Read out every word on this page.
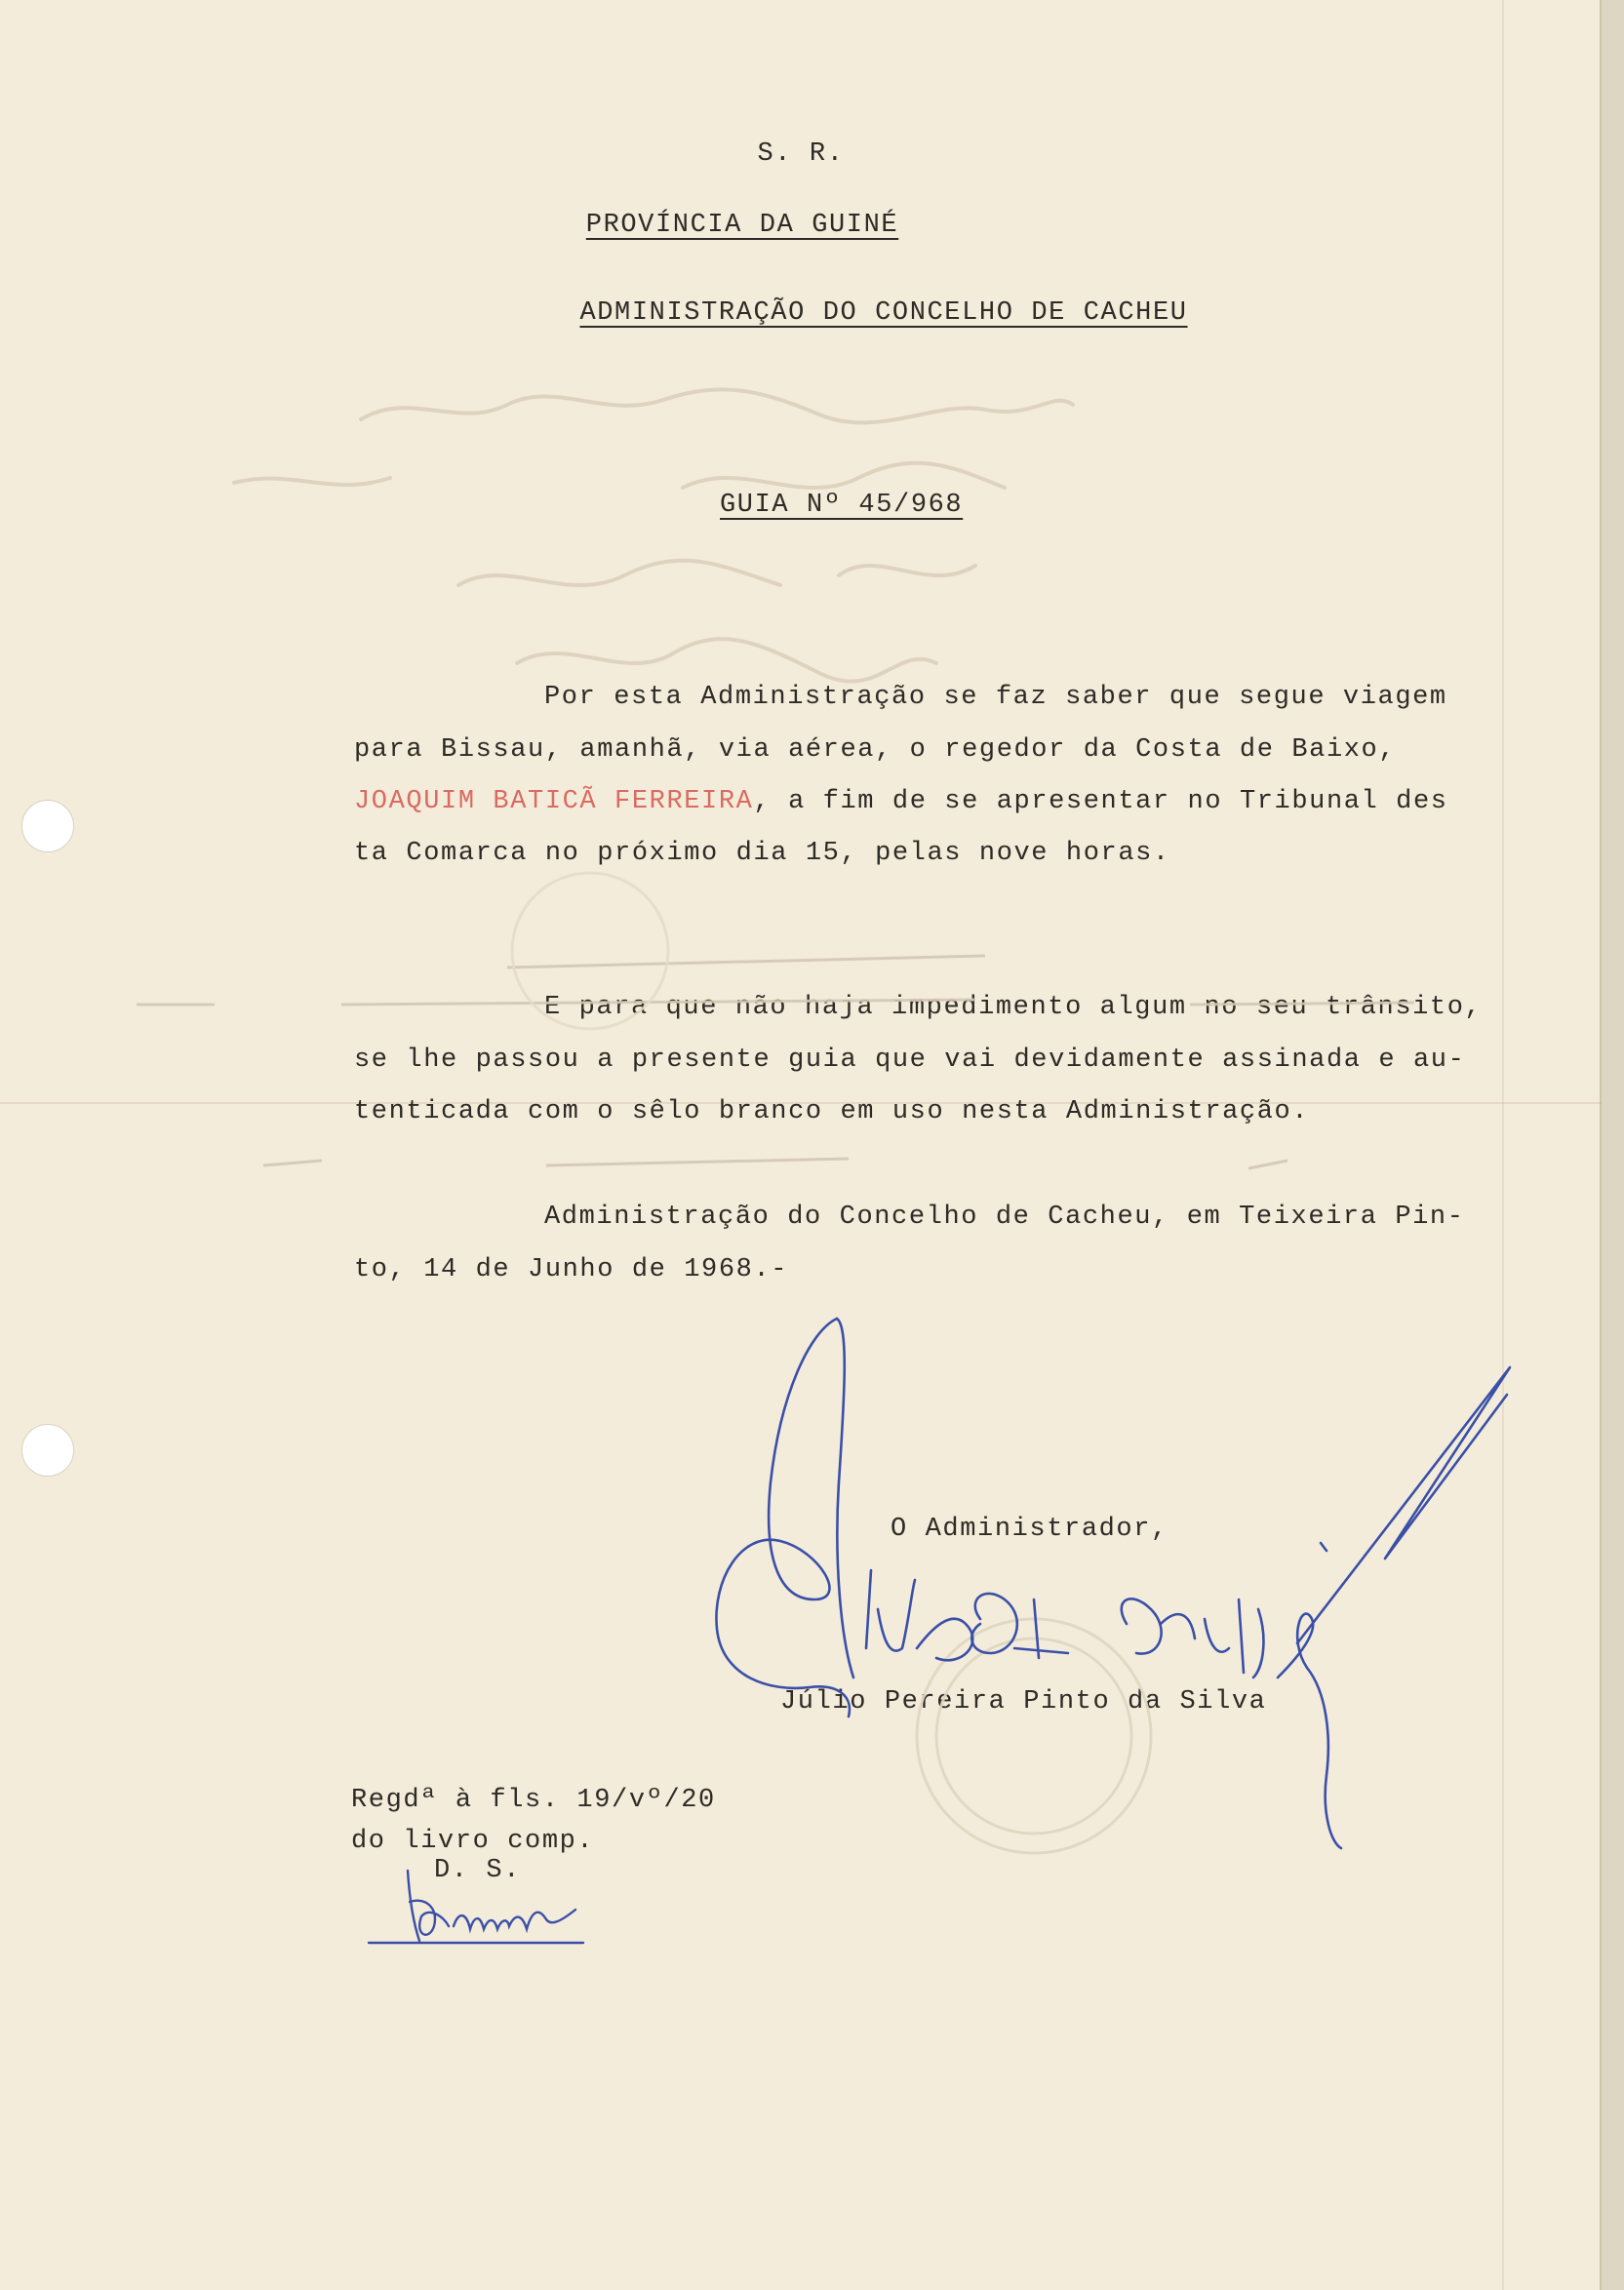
S. R.
PROVÍNCIA DA GUINÉ
ADMINISTRAÇÃO DO CONCELHO DE CACHEU
GUIA Nº 45/968
Por esta Administração se faz saber que segue viagem
para Bissau, amanhã, via aérea, o regedor da Costa de Baixo,
JOAQUIM BATICÃ FERREIRA, a fim de se apresentar no Tribunal des
ta Comarca no próximo dia 15, pelas nove horas.
E para que não haja impedimento algum no seu trânsito,
se lhe passou a presente guia que vai devidamente assinada e au-
tenticada com o sêlo branco em uso nesta Administração.
Administração do Concelho de Cacheu, em Teixeira Pin-
to, 14 de Junho de 1968.-
O Administrador,
Júlio Pereira Pinto da Silva
Regdª à fls. 19/vº/20
do livro comp.
D. S.
